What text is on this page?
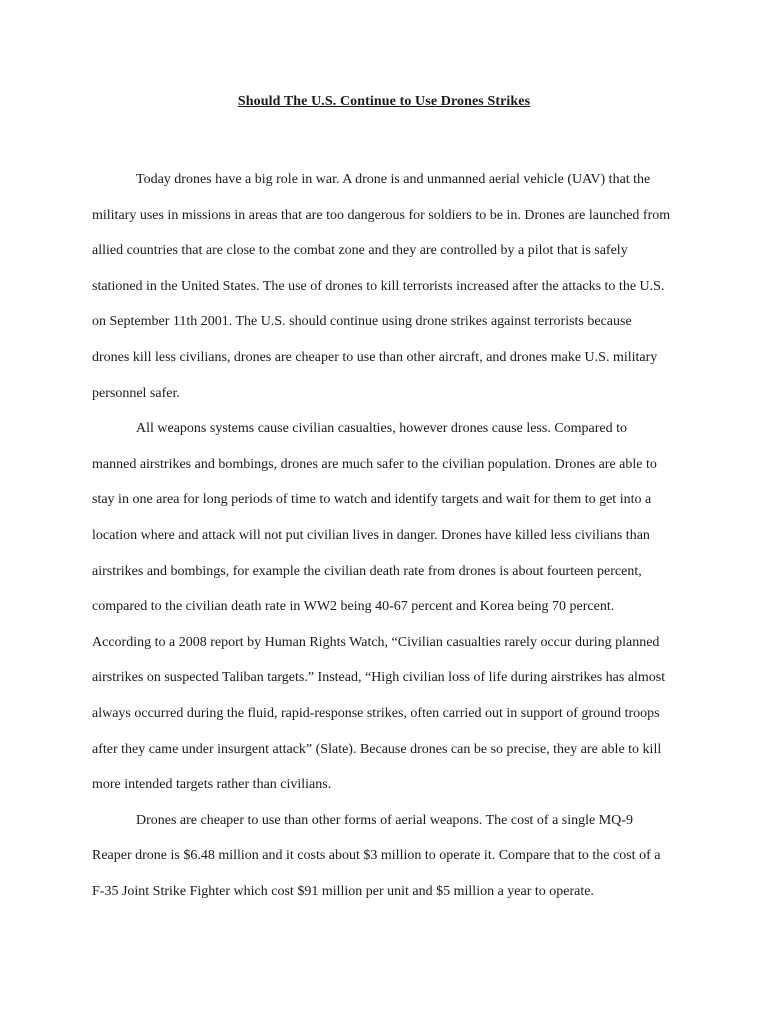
Should The U.S. Continue to Use Drones Strikes

Today drones have a big role in war. A drone is and unmanned aerial vehicle (UAV) that the military uses in missions in areas that are too dangerous for soldiers to be in. Drones are launched from allied countries that are close to the combat zone and they are controlled by a pilot that is safely stationed in the United States. The use of drones to kill terrorists increased after the attacks to the U.S. on September 11th 2001. The U.S. should continue using drone strikes against terrorists because drones kill less civilians, drones are cheaper to use than other aircraft, and drones make U.S. military personnel safer.

All weapons systems cause civilian casualties, however drones cause less. Compared to manned airstrikes and bombings, drones are much safer to the civilian population. Drones are able to stay in one area for long periods of time to watch and identify targets and wait for them to get into a location where and attack will not put civilian lives in danger. Drones have killed less civilians than airstrikes and bombings, for example the civilian death rate from drones is about fourteen percent, compared to the civilian death rate in WW2 being 40-67 percent and Korea being 70 percent. According to a 2008 report by Human Rights Watch, “Civilian casualties rarely occur during planned airstrikes on suspected Taliban targets.” Instead, “High civilian loss of life during airstrikes has almost always occurred during the fluid, rapid-response strikes, often carried out in support of ground troops after they came under insurgent attack” (Slate). Because drones can be so precise, they are able to kill more intended targets rather than civilians.

Drones are cheaper to use than other forms of aerial weapons. The cost of a single MQ-9 Reaper drone is $6.48 million and it costs about $3 million to operate it. Compare that to the cost of a F-35 Joint Strike Fighter which cost $91 million per unit and $5 million a year to operate.
